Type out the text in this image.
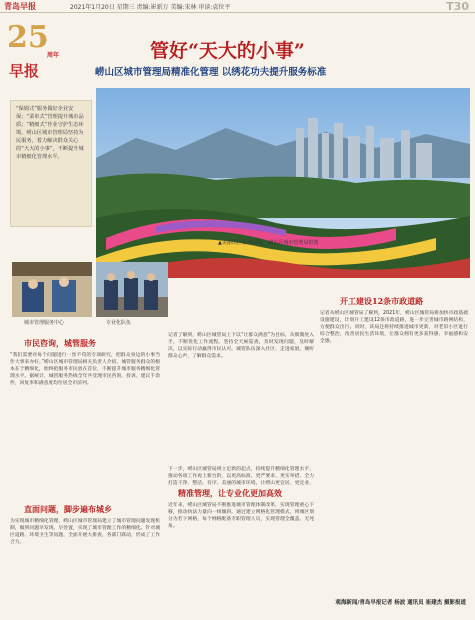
青岛早报	2021年1月20日 星期三 责编:崔新万 美编:宋林 审读:袁位平	T30
25
周年
早报
管好“天大的小事”
崂山区城市管理局精准化管理 以绣花功夫提升服务标准

“保姆式”服务做好企业安保；“菜单式”管理提升城市品质；“精细式”作业守护生态环境。崂山区城市管理局坚持为民服务，着力解决群众关心的“天大的小事”，不断提升城市精细化管理水平。

▲美丽山区景观展现。 崂山区城市管理局供图
城市管理服务中心	专业化队伍
市民咨询，城管服务
“我们需要对每个问题进行一丝不苟的专项研究，把群众身边的小事当作大事来办好。”崂山区城市管理局相关负责人介绍，城管服务群众的根本在于精细化，始终把服务市民放在首位，不断提升城市服务精细化管理水平。据统计，城管服务热线全年共受理市民咨询、投诉、建议千余件，回复率和满意度均位居全市前列。
直面问题，脚步遍布城乡
为实现城市精细化管理，崂山区城市管理局建立了城市管理问题发现机制，做到问题早发现、早处置，实现了城市管理工作的精细化。针对城区道路、环境卫生等问题，全面开展大排查，各部门联动，形成了工作合力。
记者了解到，崂山区城管局上下以“让群众满意”为目标，从细微处入手，不断优化工作流程。坚持全天候巡查，及时发现问题，及时解决，以实际行动赢得市民认可。城管队伍深入社区、走进家庭，倾听群众心声，了解群众需求。
下一步，崂山区城管局将立足新的起点，持续提升精细化管理水平，推动各项工作再上新台阶，以更高标准、更严要求、更实举措，全力打造干净、整洁、有序、美丽的城市环境，让崂山更宜居、更宜业、
精准管理，让专业化更加高效
近年来，崂山区城管局不断推进城市管理体制改革，实现管理重心下移，推动执法力量向一线倾斜。通过建立网格化管理模式，将城区划分为若干网格，每个网格配备专职管理人员，实现管理全覆盖、无死角。
开工建设12条市政道路
记者从崂山区城管局了解到，2021年，崂山区城管局将加快市政基础设施建设，计划开工建设12条市政道路，进一步完善城市路网结构，方便群众出行。同时，该局还将持续推进城市更新，对老旧小区进行综合整治，改善居民生活环境，让群众拥有更多获得感、幸福感和安全感。
观海新闻/青岛早报记者 杨波 通讯员 崔建杰 摄影报道
